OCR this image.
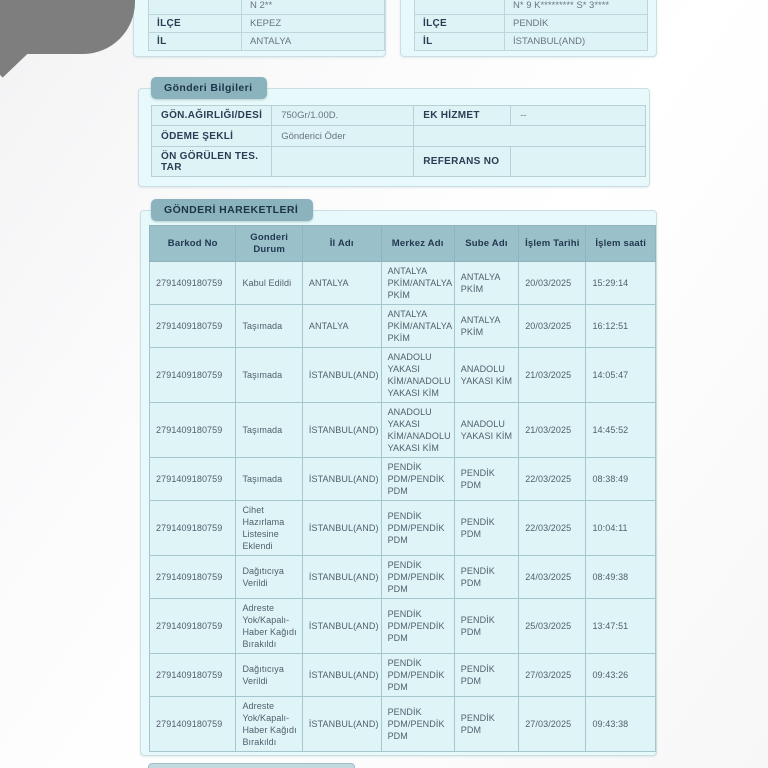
	N 2**
İLÇE	KEPEZ
İL	ANTALYA
	N* 9 K********* S* 3****
İLÇE	PENDİK
İL	İSTANBUL(AND)
Gönderi Bilgileri
GÖN.AĞIRLIĞI/DESİ	750Gr/1.00D.	EK HİZMET	--
ÖDEME ŞEKLİ	Gönderici Öder		
ÖN GÖRÜLEN TES. TAR		REFERANS NO	
GÖNDERİ HAREKETLERİ
Barkod No	Gonderi Durum	İl Adı	Merkez Adı	Sube Adı	İşlem Tarihi	İşlem saati
2791409180759	Kabul Edildi	ANTALYA	ANTALYA PKİM/⁠ANTALYA PKİM	ANTALYA PKİM	20/⁠03/⁠2025	15:29:14
2791409180759	Taşımada	ANTALYA	ANTALYA PKİM/⁠ANTALYA PKİM	ANTALYA PKİM	20/⁠03/⁠2025	16:12:51
2791409180759	Taşımada	İSTANBUL(AND)	ANADOLU YAKASI KİM/⁠ANADOLU YAKASI KİM	ANADOLU YAKASI KİM	21/⁠03/⁠2025	14:05:47
2791409180759	Taşımada	İSTANBUL(AND)	ANADOLU YAKASI KİM/⁠ANADOLU YAKASI KİM	ANADOLU YAKASI KİM	21/⁠03/⁠2025	14:45:52
2791409180759	Taşımada	İSTANBUL(AND)	PENDİK PDM/⁠PENDİK PDM	PENDİK PDM	22/⁠03/⁠2025	08:38:49
2791409180759	Cihet Hazırlama Listesine Eklendi	İSTANBUL(AND)	PENDİK PDM/⁠PENDİK PDM	PENDİK PDM	22/⁠03/⁠2025	10:04:11
2791409180759	Dağıtıcıya Verildi	İSTANBUL(AND)	PENDİK PDM/⁠PENDİK PDM	PENDİK PDM	24/⁠03/⁠2025	08:49:38
2791409180759	Adreste Yok/⁠Kapalı-Haber Kağıdı Bırakıldı	İSTANBUL(AND)	PENDİK PDM/⁠PENDİK PDM	PENDİK PDM	25/⁠03/⁠2025	13:47:51
2791409180759	Dağıtıcıya Verildi	İSTANBUL(AND)	PENDİK PDM/⁠PENDİK PDM	PENDİK PDM	27/⁠03/⁠2025	09:43:26
2791409180759	Adreste Yok/⁠Kapalı-Haber Kağıdı Bırakıldı	İSTANBUL(AND)	PENDİK PDM/⁠PENDİK PDM	PENDİK PDM	27/⁠03/⁠2025	09:43:38
